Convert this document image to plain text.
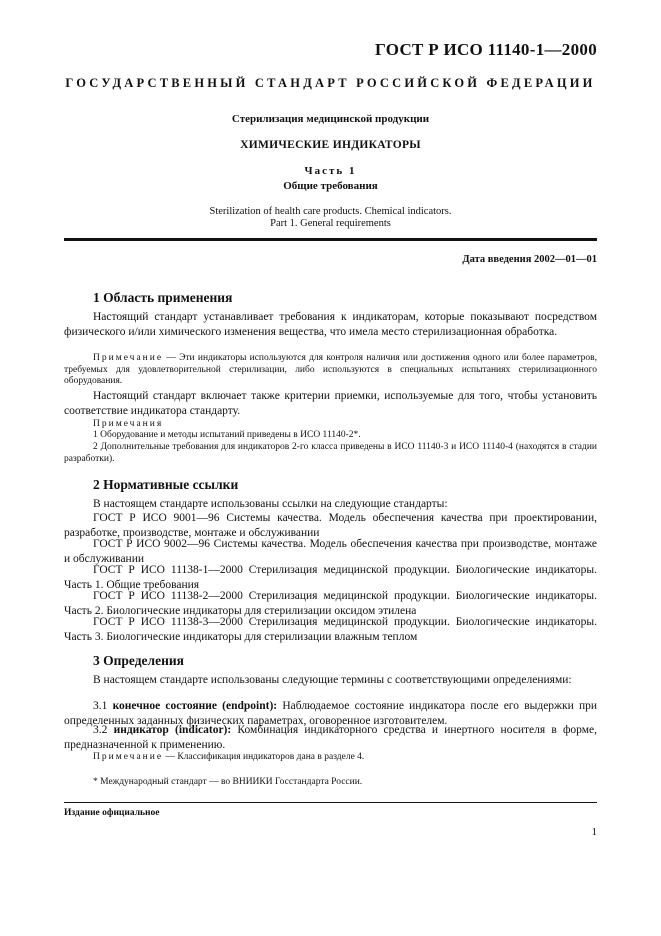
ГОСТ Р ИСО 11140-1—2000
ГОСУДАРСТВЕННЫЙ СТАНДАРТ РОССИЙСКОЙ ФЕДЕРАЦИИ
Стерилизация медицинской продукции
ХИМИЧЕСКИЕ ИНДИКАТОРЫ
Часть 1
Общие требования
Sterilization of health care products. Chemical indicators.
Part 1. General requirements
Дата введения 2002—01—01
1 Область применения
Настоящий стандарт устанавливает требования к индикаторам, которые показывают посредством физического и/или химического изменения вещества, что имела место стерилизационная обработка.
Примечание — Эти индикаторы используются для контроля наличия или достижения одного или более параметров, требуемых для удовлетворительной стерилизации, либо используются в специальных испытаниях стерилизационного оборудования.
Настоящий стандарт включает также критерии приемки, используемые для того, чтобы установить соответствие индикатора стандарту.
Примечания
1 Оборудование и методы испытаний приведены в ИСО 11140-2*.
2 Дополнительные требования для индикаторов 2-го класса приведены в ИСО 11140-3 и ИСО 11140-4 (находятся в стадии разработки).
2 Нормативные ссылки
В настоящем стандарте использованы ссылки на следующие стандарты:
ГОСТ Р ИСО 9001—96 Системы качества. Модель обеспечения качества при проектировании, разработке, производстве, монтаже и обслуживании
ГОСТ Р ИСО 9002—96 Системы качества. Модель обеспечения качества при производстве, монтаже и обслуживании
ГОСТ Р ИСО 11138-1—2000 Стерилизация медицинской продукции. Биологические индикаторы. Часть 1. Общие требования
ГОСТ Р ИСО 11138-2—2000 Стерилизация медицинской продукции. Биологические индикаторы. Часть 2. Биологические индикаторы для стерилизации оксидом этилена
ГОСТ Р ИСО 11138-3—2000 Стерилизация медицинской продукции. Биологические индикаторы. Часть 3. Биологические индикаторы для стерилизации влажным теплом
3 Определения
В настоящем стандарте использованы следующие термины с соответствующими определениями:
3.1 конечное состояние (endpoint): Наблюдаемое состояние индикатора после его выдержки при определенных заданных физических параметрах, оговоренное изготовителем.
3.2 индикатор (indicator): Комбинация индикаторного средства и инертного носителя в форме, предназначенной к применению.
Примечание — Классификация индикаторов дана в разделе 4.
* Международный стандарт — во ВНИИКИ Госстандарта России.
Издание официальное
1
